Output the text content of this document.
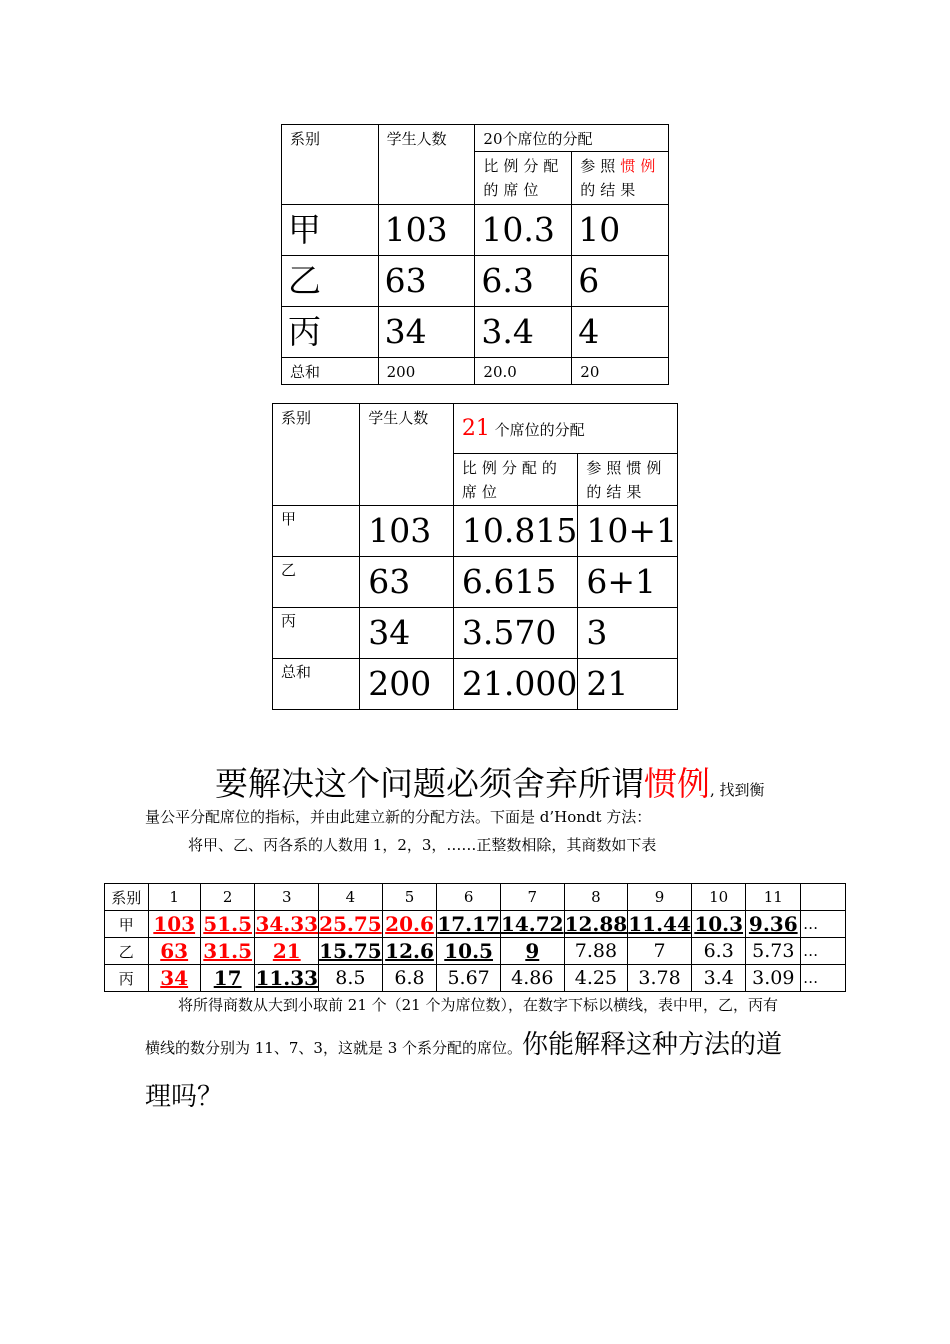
系别	学生人数	20个席位的分配	
		比例分配的席位	参照惯例的结果
甲	103	10.3	10
乙	63	6.3	6
丙	34	3.4	4
总和	200	20.0	20
系别	学生人数	21 个席位的分配	
		比例分配的席位	参照惯例的结果
甲	103	10.815	10+1
乙	63	6.615	6+1
丙	34	3.570	3
总和	200	21.000	21
要解决这个问题必须舍弃所谓惯例, 找到衡
量公平分配席位的指标，并由此建立新的分配方法。下面是 d’Hondt 方法：
将甲、乙、丙各系的人数用 1，2，3，……正整数相除，其商数如下表
系别	1	2	3	4	5	6	7	8	9	10	11	
甲	103	51.5	34.33	25.75	20.6	17.17	14.72	12.88	11.44	10.3	9.36	…
乙	63	31.5	21	15.75	12.6	10.5	9	7.88	7	6.3	5.73	…
丙	34	17	11.33	8.5	6.8	5.67	4.86	4.25	3.78	3.4	3.09	…
将所得商数从大到小取前 21 个（21 个为席位数），在数字下标以横线，表中甲，乙，丙有
横线的数分别为 11、7、3，这就是 3 个系分配的席位。你能解释这种方法的道
理吗？
